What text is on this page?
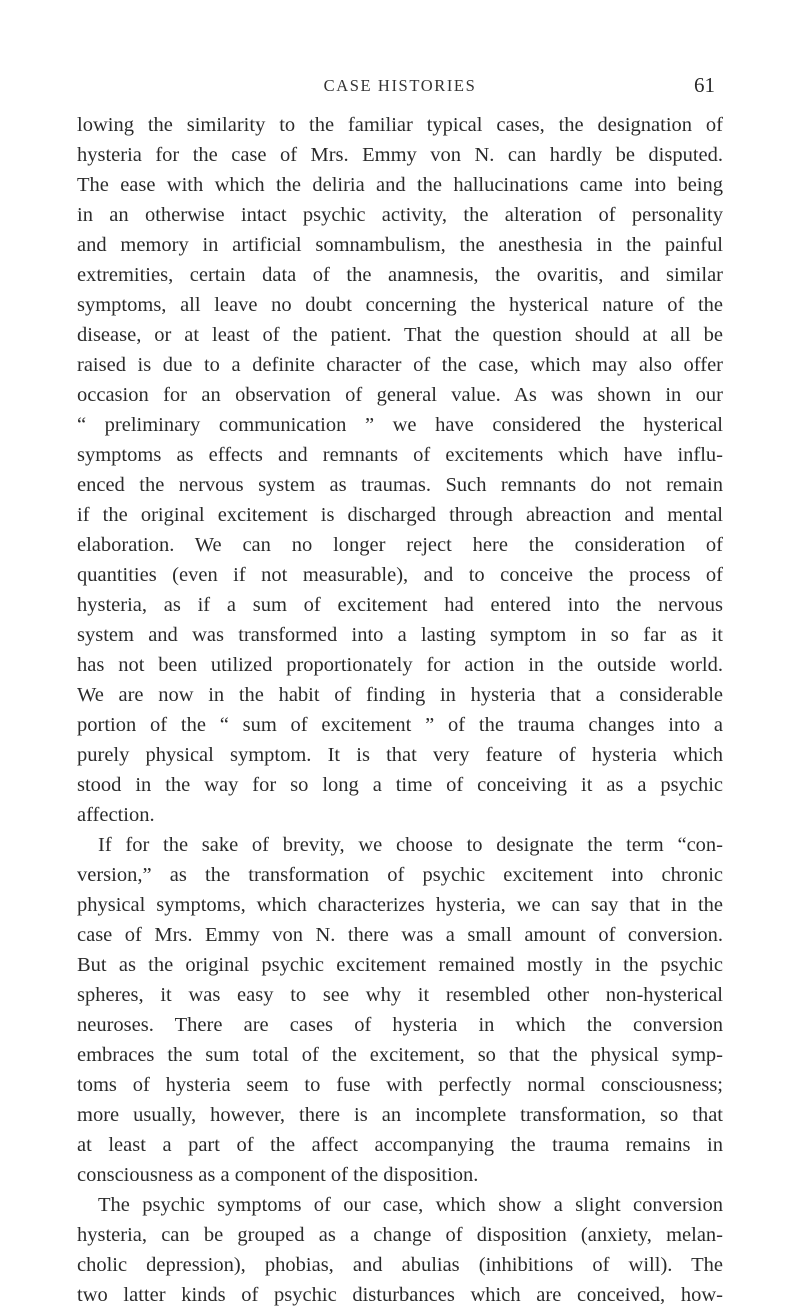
CASE HISTORIES	61
lowing the similarity to the familiar typical cases, the designation of
hysteria for the case of Mrs. Emmy von N. can hardly be disputed.
The ease with which the deliria and the hallucinations came into being
in an otherwise intact psychic activity, the alteration of personality
and memory in artificial somnambulism, the anesthesia in the painful
extremities, certain data of the anamnesis, the ovaritis, and similar
symptoms, all leave no doubt concerning the hysterical nature of the
disease, or at least of the patient. That the question should at all be
raised is due to a definite character of the case, which may also offer
occasion for an observation of general value. As was shown in our
“ preliminary communication ” we have considered the hysterical
symptoms as effects and remnants of excitements which have influ-
enced the nervous system as traumas. Such remnants do not remain
if the original excitement is discharged through abreaction and mental
elaboration. We can no longer reject here the consideration of
quantities (even if not measurable), and to conceive the process of
hysteria, as if a sum of excitement had entered into the nervous
system and was transformed into a lasting symptom in so far as it
has not been utilized proportionately for action in the outside world.
We are now in the habit of finding in hysteria that a considerable
portion of the “ sum of excitement ” of the trauma changes into a
purely physical symptom. It is that very feature of hysteria which
stood in the way for so long a time of conceiving it as a psychic
affection.
If for the sake of brevity, we choose to designate the term “con-
version,” as the transformation of psychic excitement into chronic
physical symptoms, which characterizes hysteria, we can say that in the
case of Mrs. Emmy von N. there was a small amount of conversion.
But as the original psychic excitement remained mostly in the psychic
spheres, it was easy to see why it resembled other non-hysterical
neuroses. There are cases of hysteria in which the conversion
embraces the sum total of the excitement, so that the physical symp-
toms of hysteria seem to fuse with perfectly normal consciousness;
more usually, however, there is an incomplete transformation, so that
at least a part of the affect accompanying the trauma remains in
consciousness as a component of the disposition.
The psychic symptoms of our case, which show a slight conversion
hysteria, can be grouped as a change of disposition (anxiety, melan-
cholic depression), phobias, and abulias (inhibitions of will). The
two latter kinds of psychic disturbances which are conceived, how-
